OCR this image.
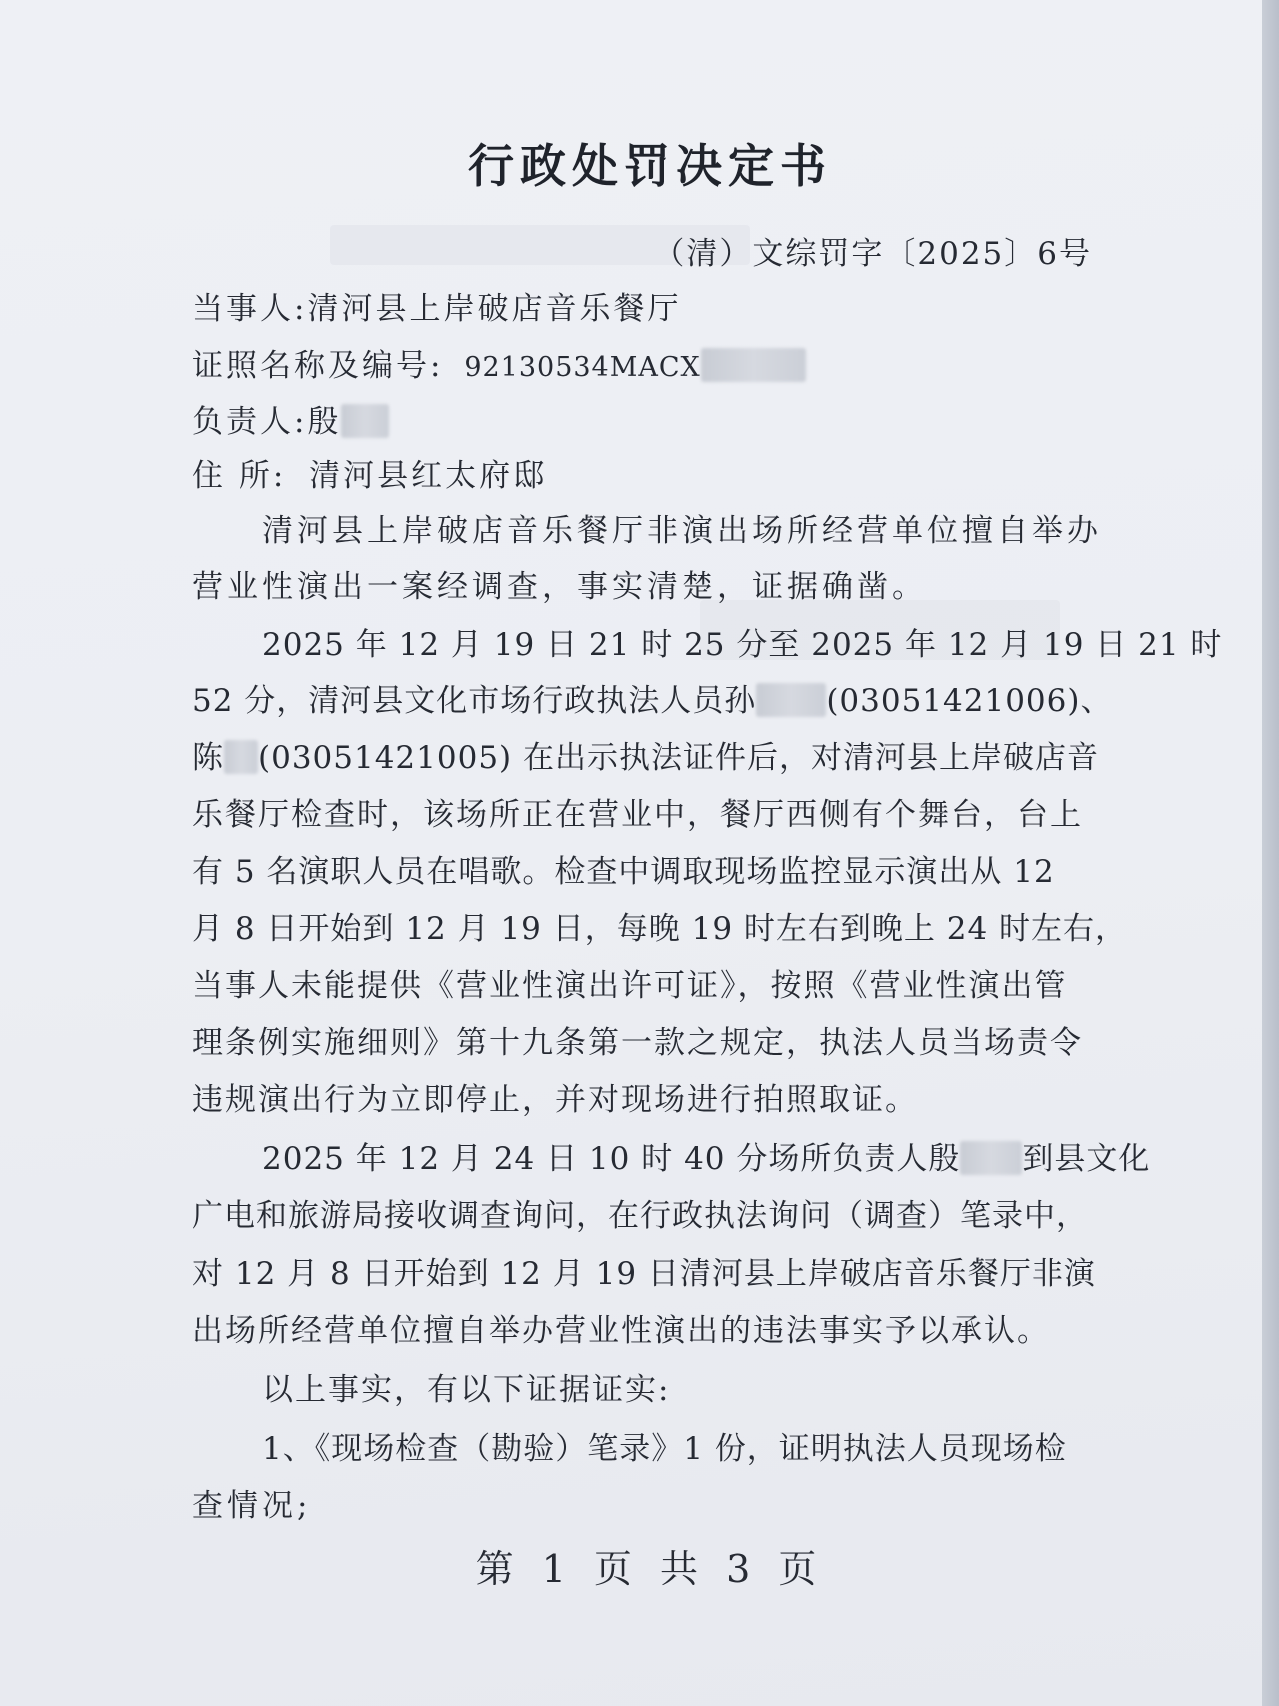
行政处罚决定书
（清）文综罚字〔2025〕6号
当事人:清河县上岸破店音乐餐厅
证照名称及编号: 92130534MACX
负责人:殷
住 所: 清河县红太府邸
清河县上岸破店音乐餐厅非演出场所经营单位擅自举办
营业性演出一案经调查，事实清楚，证据确凿。
2025 年 12 月 19 日 21 时 25 分至 2025 年 12 月 19 日 21 时
52 分，清河县文化市场行政执法人员孙 (03051421006)、
陈 (03051421005) 在出示执法证件后，对清河县上岸破店音
乐餐厅检查时，该场所正在营业中，餐厅西侧有个舞台，台上
有 5 名演职人员在唱歌。检查中调取现场监控显示演出从 12
月 8 日开始到 12 月 19 日，每晚 19 时左右到晚上 24 时左右，
当事人未能提供《营业性演出许可证》，按照《营业性演出管
理条例实施细则》第十九条第一款之规定，执法人员当场责令
违规演出行为立即停止，并对现场进行拍照取证。
2025 年 12 月 24 日 10 时 40 分场所负责人殷 到县文化
广电和旅游局接收调查询问，在行政执法询问（调查）笔录中，
对 12 月 8 日开始到 12 月 19 日清河县上岸破店音乐餐厅非演
出场所经营单位擅自举办营业性演出的违法事实予以承认。
以上事实，有以下证据证实:
1、《现场检查（勘验）笔录》1 份，证明执法人员现场检
查情况;
第 1 页 共 3 页
